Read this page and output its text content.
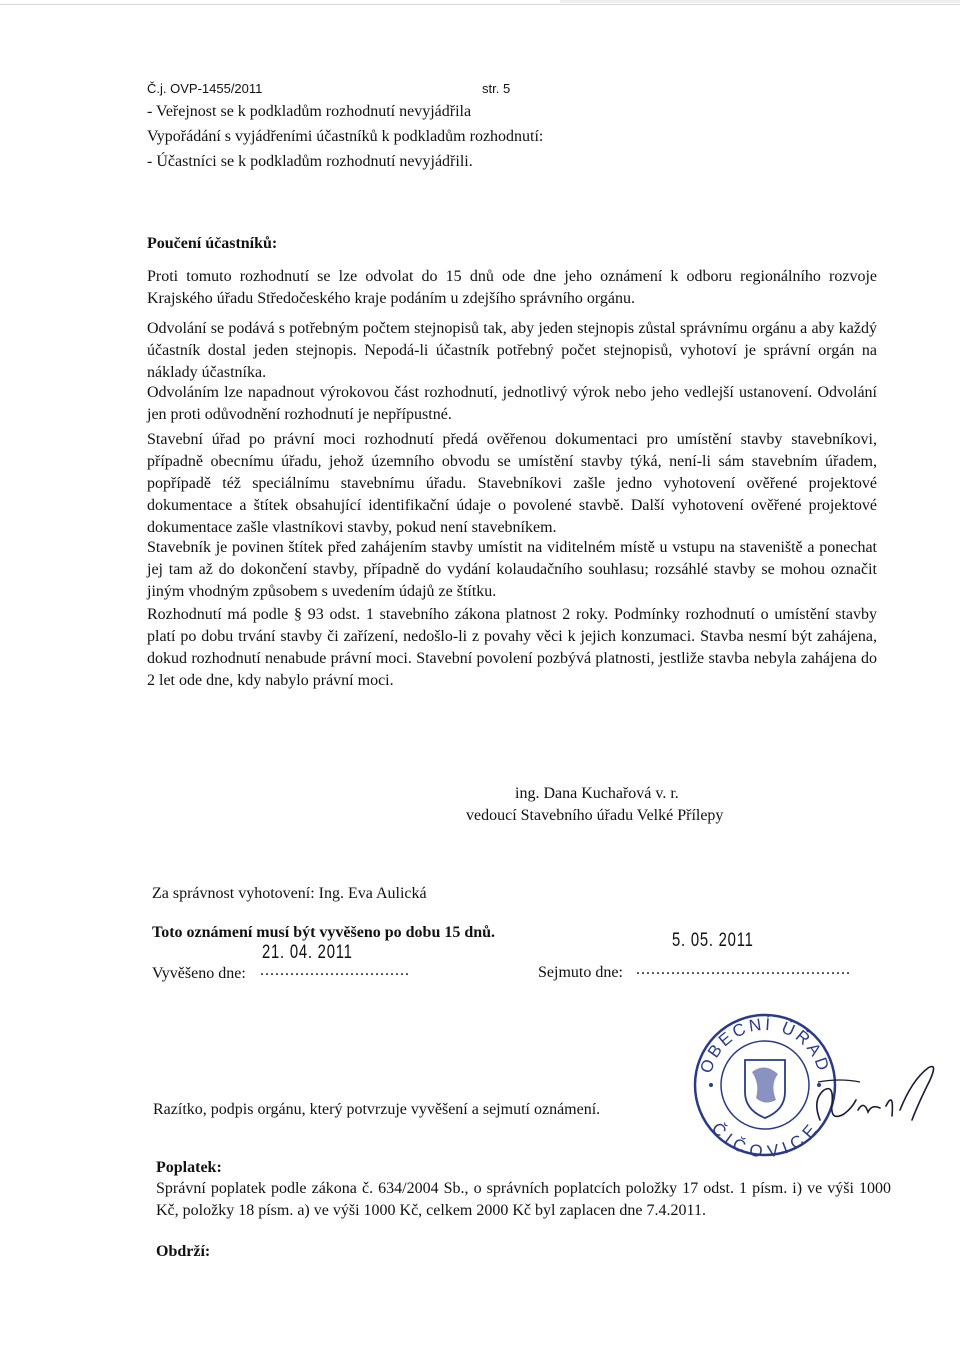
Č.j. OVP-1455/2011	str. 5
- Veřejnost se k podkladům rozhodnutí nevyjádřila
Vypořádání s vyjádřeními účastníků k podkladům rozhodnutí:
- Účastníci se k podkladům rozhodnutí nevyjádřili.
Poučení účastníků:
Proti tomuto rozhodnutí se lze odvolat do 15 dnů ode dne jeho oznámení k odboru regionálního rozvoje Krajského úřadu Středočeského kraje podáním u zdejšího správního orgánu.
Odvolání se podává s potřebným počtem stejnopisů tak, aby jeden stejnopis zůstal správnímu orgánu a aby každý účastník dostal jeden stejnopis. Nepodá-li účastník potřebný počet stejnopisů, vyhotoví je správní orgán na náklady účastníka.
Odvoláním lze napadnout výrokovou část rozhodnutí, jednotlivý výrok nebo jeho vedlejší ustanovení. Odvolání jen proti odůvodnění rozhodnutí je nepřípustné.
Stavební úřad po právní moci rozhodnutí předá ověřenou dokumentaci pro umístění stavby stavebníkovi, případně obecnímu úřadu, jehož územního obvodu se umístění stavby týká, není-li sám stavebním úřadem, popřípadě též speciálnímu stavebnímu úřadu. Stavebníkovi zašle jedno vyhotovení ověřené projektové dokumentace a štítek obsahující identifikační údaje o povolené stavbě. Další vyhotovení ověřené projektové dokumentace zašle vlastníkovi stavby, pokud není stavebníkem.
Stavebník je povinen štítek před zahájením stavby umístit na viditelném místě u vstupu na staveniště a ponechat jej tam až do dokončení stavby, případně do vydání kolaudačního souhlasu; rozsáhlé stavby se mohou označit jiným vhodným způsobem s uvedením údajů ze štítku.
Rozhodnutí má podle § 93 odst. 1 stavebního zákona platnost 2 roky. Podmínky rozhodnutí o umístění stavby platí po dobu trvání stavby či zařízení, nedošlo-li z povahy věci k jejich konzumaci. Stavba nesmí být zahájena, dokud rozhodnutí nenabude právní moci. Stavební povolení pozbývá platnosti, jestliže stavba nebyla zahájena do 2 let ode dne, kdy nabylo právní moci.
ing. Dana Kuchařová v. r.
vedoucí Stavebního úřadu Velké Přílepy
Za správnost vyhotovení: Ing. Eva Aulická
Toto oznámení musí být vyvěšeno po dobu 15 dnů.
21. 04. 2011
Vyvěšeno dne: ..............................
5. 05. 2011
Sejmuto dne: ...........................................
Razítko, podpis orgánu, který potvrzuje vyvěšení a sejmutí oznámení.
OBECNÍ ÚŘAD
ČIČOVICE
Poplatek:
Správní poplatek podle zákona č. 634/2004 Sb., o správních poplatcích položky 17 odst. 1 písm. i) ve výši 1000 Kč, položky 18 písm. a) ve výši 1000 Kč, celkem 2000 Kč byl zaplacen dne 7.4.2011.
Obdrží:
